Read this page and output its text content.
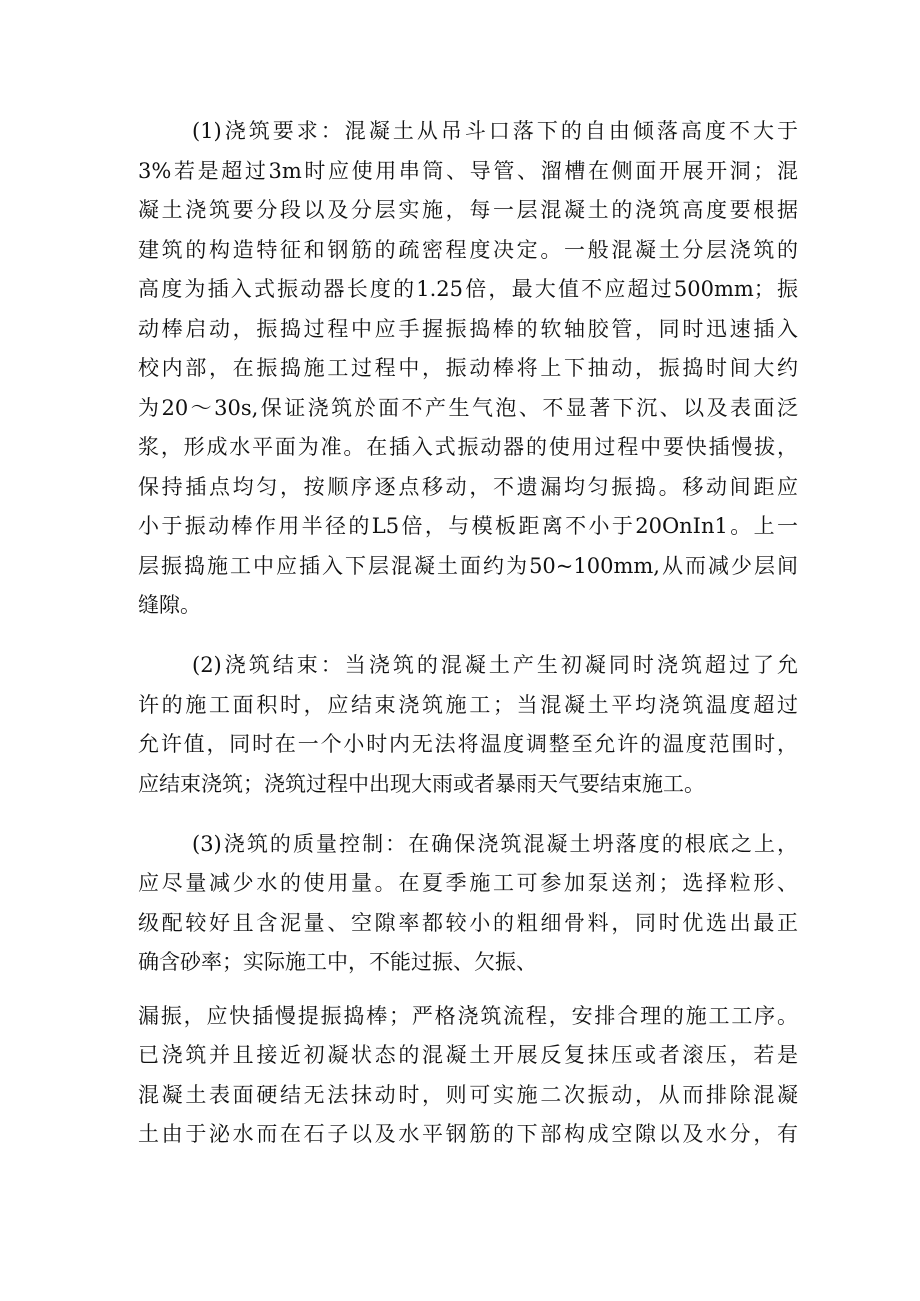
(1)浇筑要求：混凝土从吊斗口落下的自由倾落高度不大于
3%若是超过3m时应使用串筒、导管、溜槽在侧面开展开洞；混
凝土浇筑要分段以及分层实施，每一层混凝土的浇筑高度要根据
建筑的构造特征和钢筋的疏密程度决定。一般混凝土分层浇筑的
高度为插入式振动器长度的1.25倍，最大值不应超过500mm；振
动棒启动，振捣过程中应手握振捣棒的软轴胶管，同时迅速插入
校内部，在振捣施工过程中，振动棒将上下抽动，振捣时间大约
为20～30s,保证浇筑於面不产生气泡、不显著下沉、以及表面泛
浆，形成水平面为准。在插入式振动器的使用过程中要快插慢拔，
保持插点均匀，按顺序逐点移动，不遗漏均匀振捣。移动间距应
小于振动棒作用半径的L5倍，与模板距离不小于20OnIn1。上一
层振捣施工中应插入下层混凝土面约为50~100mm,从而减少层间
缝隙。
(2)浇筑结束：当浇筑的混凝土产生初凝同时浇筑超过了允
许的施工面积时，应结束浇筑施工；当混凝土平均浇筑温度超过
允许值，同时在一个小时内无法将温度调整至允许的温度范围时，
应结束浇筑；浇筑过程中出现大雨或者暴雨天气要结束施工。
(3)浇筑的质量控制：在确保浇筑混凝土坍落度的根底之上，
应尽量减少水的使用量。在夏季施工可参加泵送剂；选择粒形、
级配较好且含泥量、空隙率都较小的粗细骨料，同时优选出最正
确含砂率；实际施工中，不能过振、欠振、
漏振，应快插慢提振捣棒；严格浇筑流程，安排合理的施工工序。
已浇筑并且接近初凝状态的混凝土开展反复抹压或者滚压，若是
混凝土表面硬结无法抹动时，则可实施二次振动，从而排除混凝
土由于泌水而在石子以及水平钢筋的下部构成空隙以及水分，有
